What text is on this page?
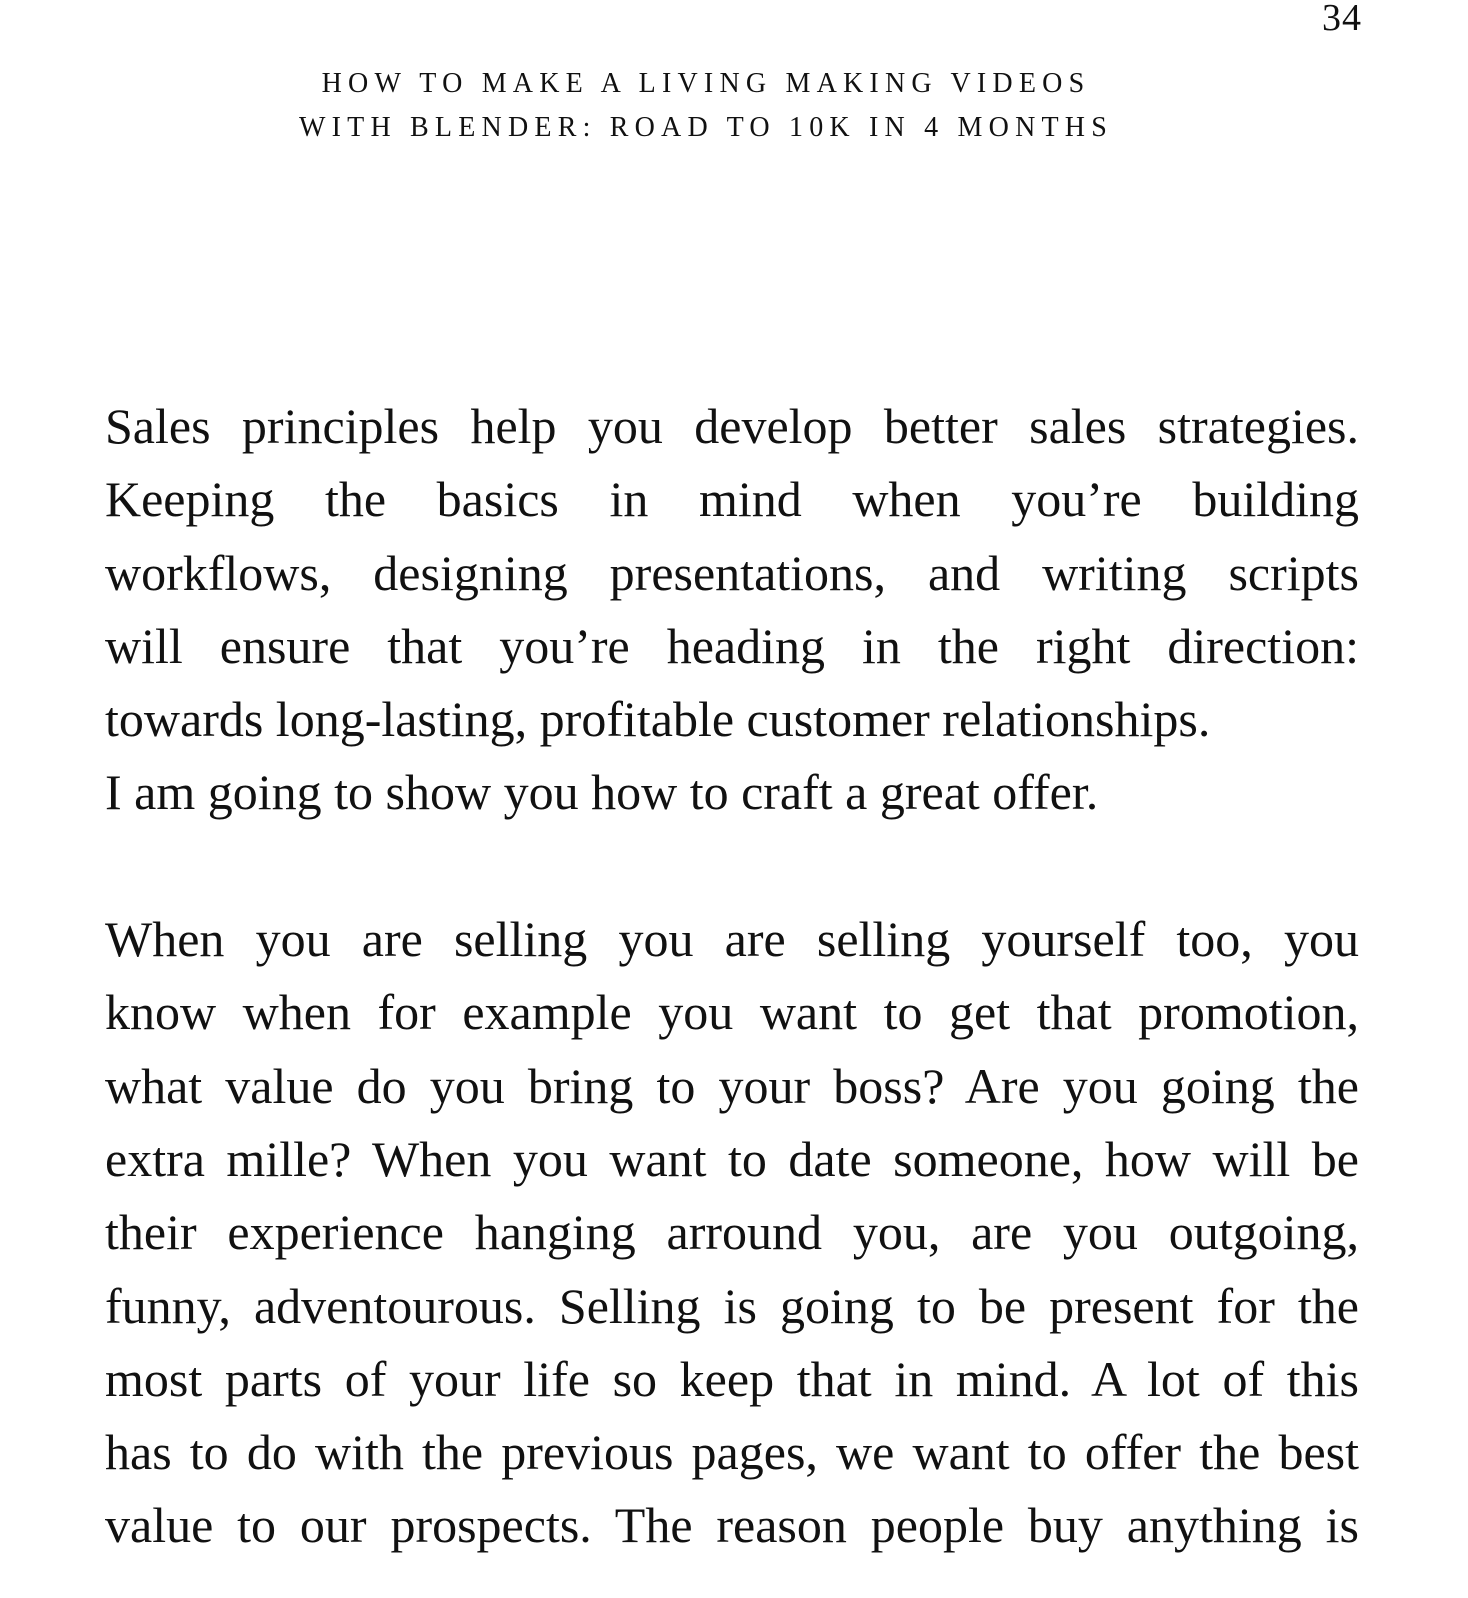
34
HOW TO MAKE A LIVING MAKING VIDEOS
WITH BLENDER: ROAD TO 10K IN 4 MONTHS
Sales principles help you develop better sales strategies.
Keeping the basics in mind when you’re building
workflows, designing presentations, and writing scripts
will ensure that you’re heading in the right direction:
towards long-lasting, profitable customer relationships.
I am going to show you how to craft a great offer.
When you are selling you are selling yourself too, you
know when for example you want to get that promotion,
what value do you bring to your boss? Are you going the
extra mille? When you want to date someone, how will be
their experience hanging arround you, are you outgoing,
funny, adventourous. Selling is going to be present for the
most parts of your life so keep that in mind. A lot of this
has to do with the previous pages, we want to offer the best
value to our prospects. The reason people buy anything is
